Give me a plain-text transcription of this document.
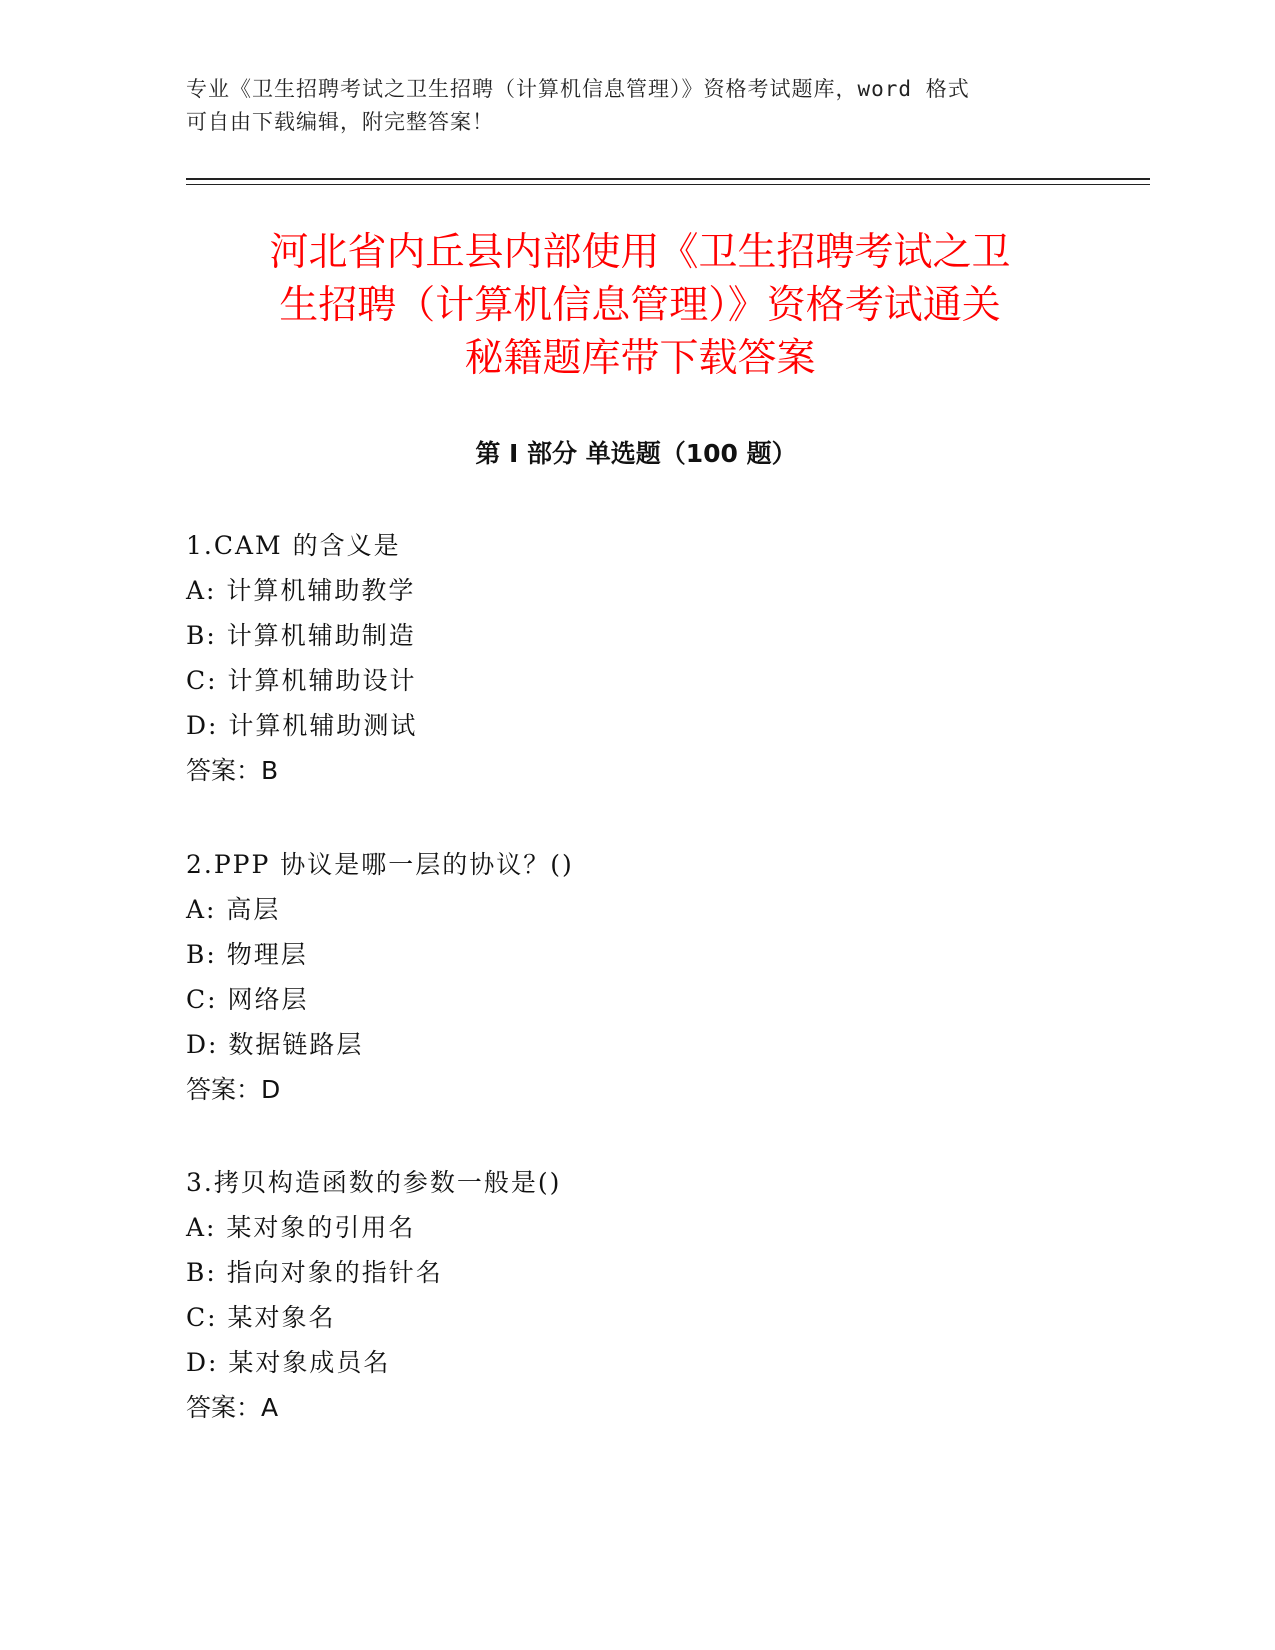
专业《卫生招聘考试之卫生招聘（计算机信息管理）》资格考试题库，word 格式
可自由下载编辑，附完整答案！
河北省内丘县内部使用《卫生招聘考试之卫
生招聘（计算机信息管理）》资格考试通关
秘籍题库带下载答案
第 I 部分 单选题（100 题）
1.CAM 的含义是
A: 计算机辅助教学
B: 计算机辅助制造
C: 计算机辅助设计
D: 计算机辅助测试
答案：B
2.PPP 协议是哪一层的协议？()
A: 高层
B: 物理层
C: 网络层
D: 数据链路层
答案：D
3.拷贝构造函数的参数一般是()
A: 某对象的引用名
B: 指向对象的指针名
C: 某对象名
D: 某对象成员名
答案：A
